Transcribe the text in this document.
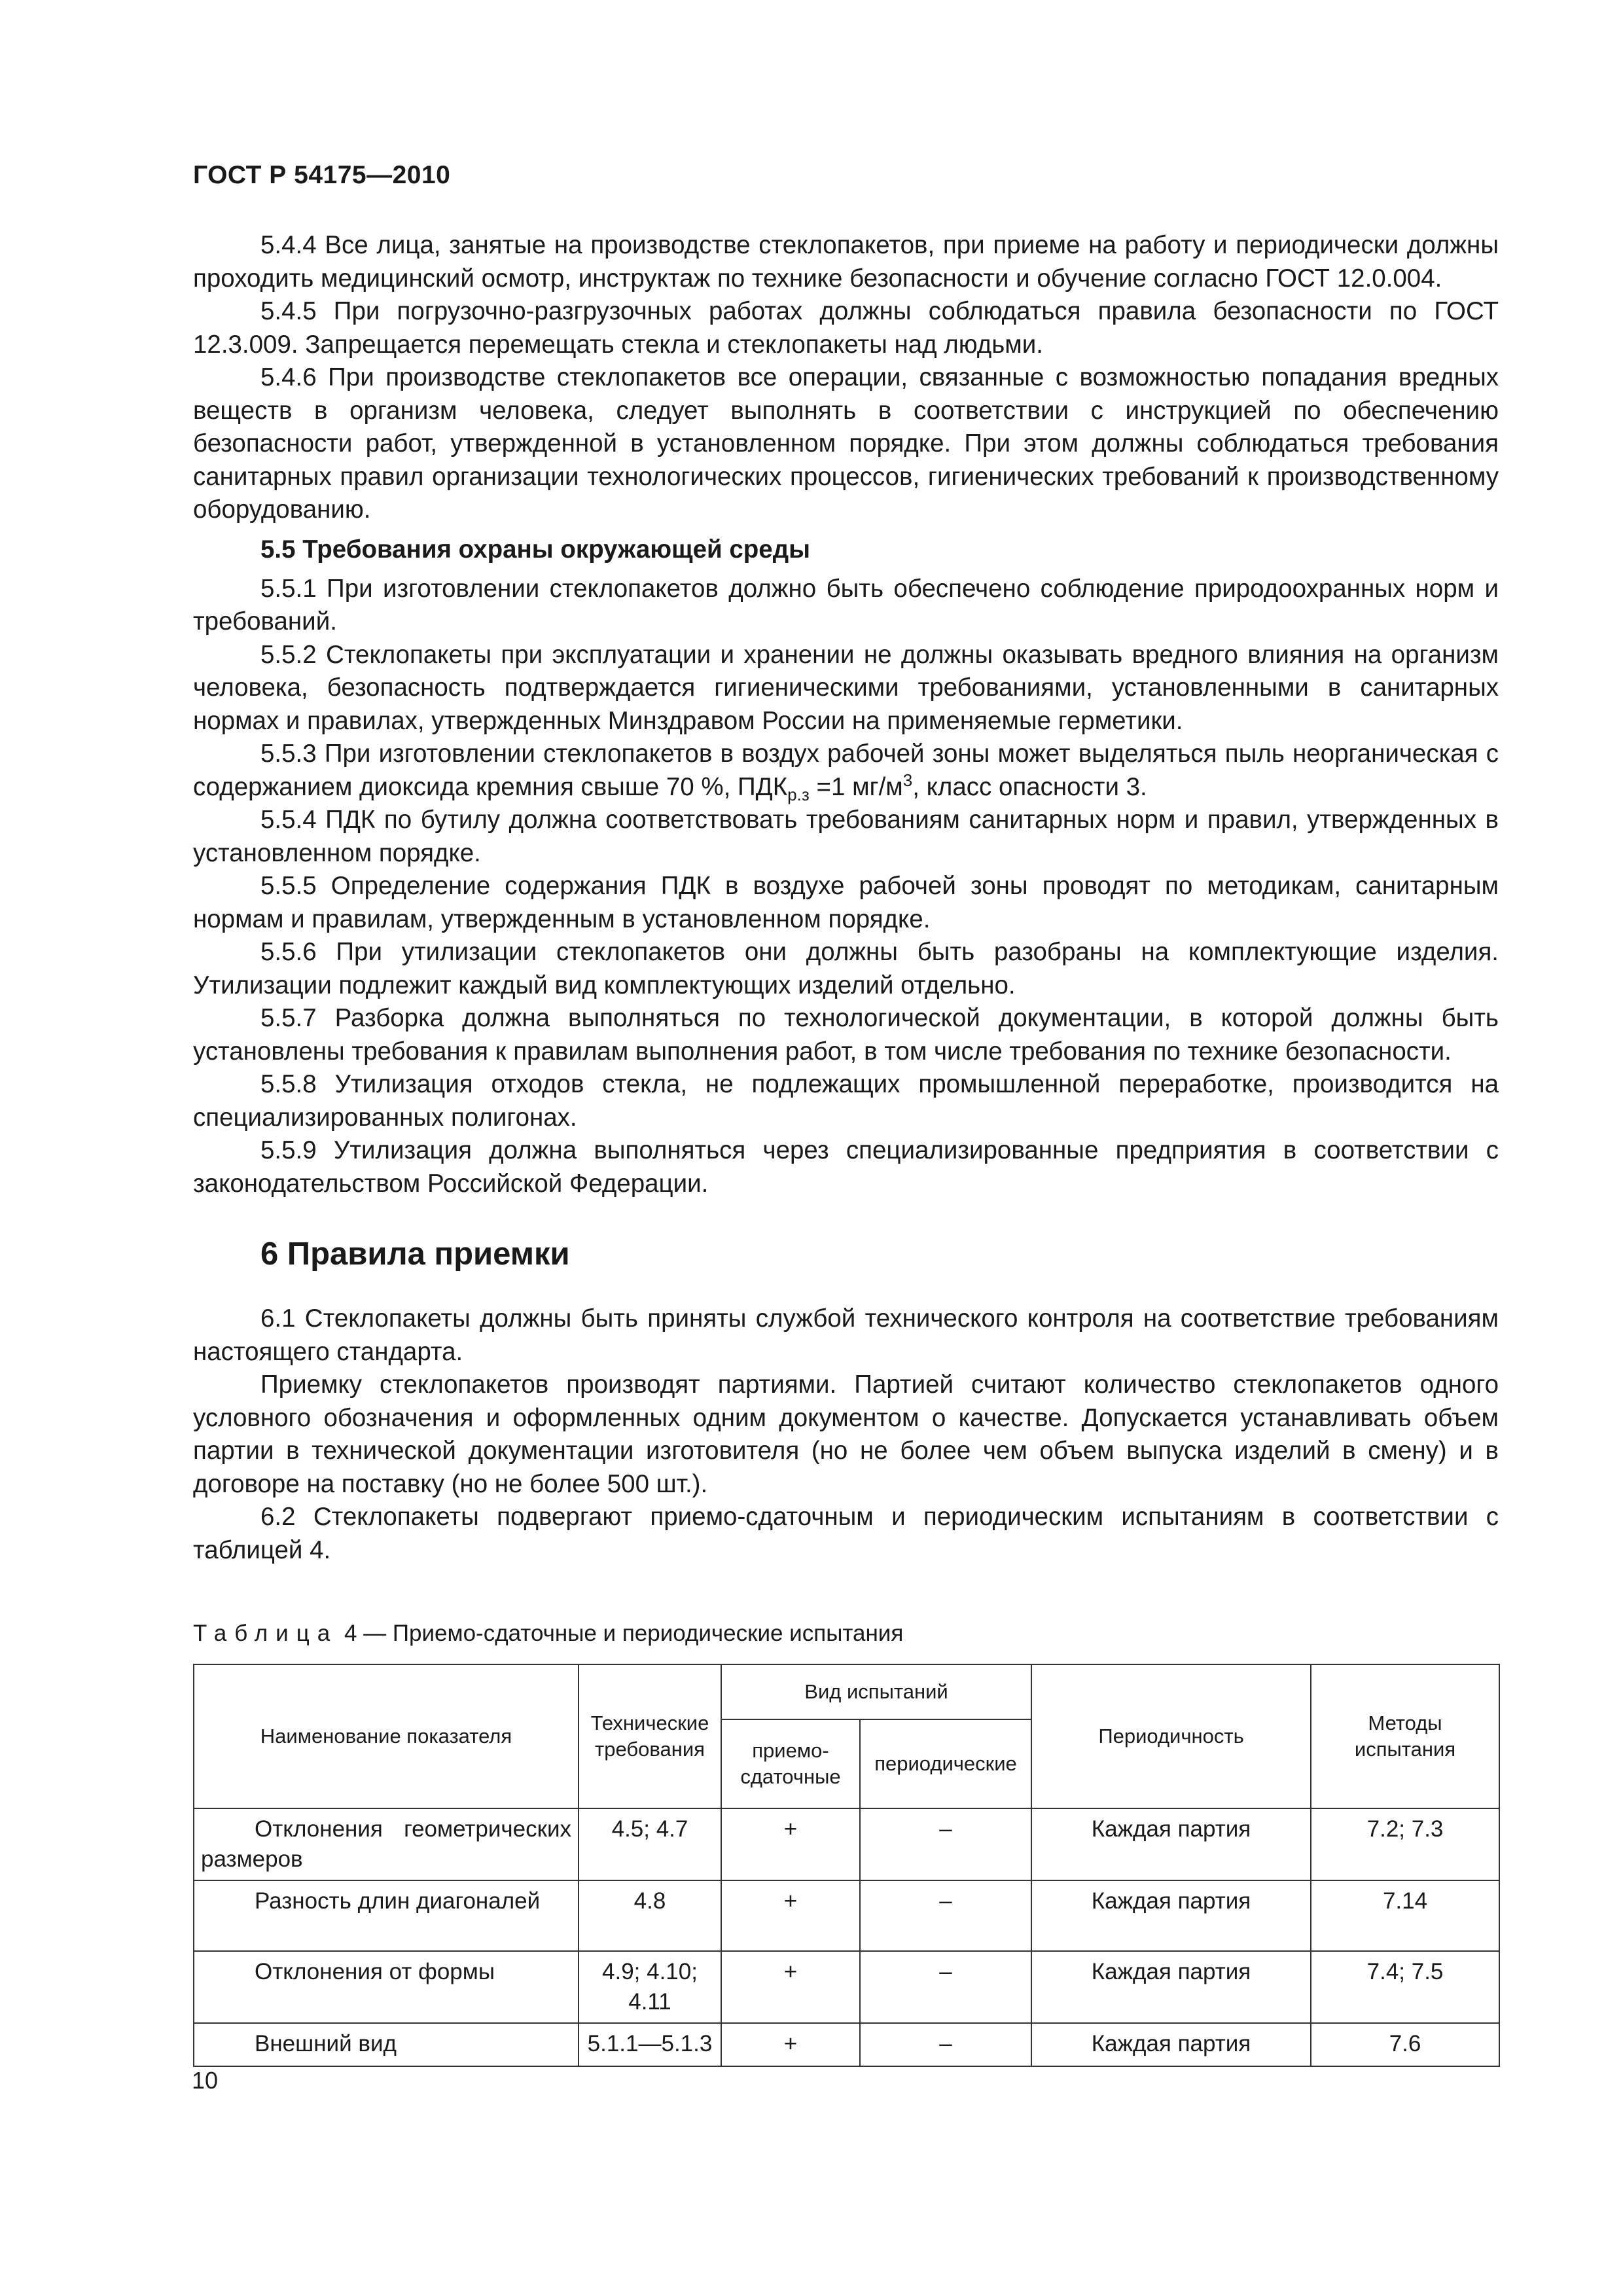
ГОСТ Р 54175—2010

5.4.4 Все лица, занятые на производстве стеклопакетов, при приеме на работу и периодически должны проходить медицинский осмотр, инструктаж по технике безопасности и обучение согласно ГОСТ 12.0.004.

5.4.5 При погрузочно-разгрузочных работах должны соблюдаться правила безопасности по ГОСТ 12.3.009. Запрещается перемещать стекла и стеклопакеты над людьми.

5.4.6 При производстве стеклопакетов все операции, связанные с возможностью попадания вредных веществ в организм человека, следует выполнять в соответствии с инструкцией по обеспечению безопасности работ, утвержденной в установленном порядке. При этом должны соблюдаться требования санитарных правил организации технологических процессов, гигиенических требований к производственному оборудованию.

5.5 Требования охраны окружающей среды

5.5.1 При изготовлении стеклопакетов должно быть обеспечено соблюдение природоохранных норм и требований.

5.5.2 Стеклопакеты при эксплуатации и хранении не должны оказывать вредного влияния на организм человека, безопасность подтверждается гигиеническими требованиями, установленными в санитарных нормах и правилах, утвержденных Минздравом России на применяемые герметики.

5.5.3 При изготовлении стеклопакетов в воздух рабочей зоны может выделяться пыль неорганическая с содержанием диоксида кремния свыше 70 %, $ПДК_{р.з} =1$ $мг/м^3$, класс опасности 3.

5.5.4 ПДК по бутилу должна соответствовать требованиям санитарных норм и правил, утвержденных в установленном порядке.

5.5.5 Определение содержания ПДК в воздухе рабочей зоны проводят по методикам, санитарным нормам и правилам, утвержденным в установленном порядке.

5.5.6 При утилизации стеклопакетов они должны быть разобраны на комплектующие изделия. Утилизации подлежит каждый вид комплектующих изделий отдельно.

5.5.7 Разборка должна выполняться по технологической документации, в которой должны быть установлены требования к правилам выполнения работ, в том числе требования по технике безопасности.

5.5.8 Утилизация отходов стекла, не подлежащих промышленной переработке, производится на специализированных полигонах.

5.5.9 Утилизация должна выполняться через специализированные предприятия в соответствии с законодательством Российской Федерации.

6 Правила приемки

6.1 Стеклопакеты должны быть приняты службой технического контроля на соответствие требованиям настоящего стандарта.

Приемку стеклопакетов производят партиями. Партией считают количество стеклопакетов одного условного обозначения и оформленных одним документом о качестве. Допускается устанавливать объем партии в технической документации изготовителя (но не более чем объем выпуска изделий в смену) и в договоре на поставку (но не более 500 шт.).

6.2 Стеклопакеты подвергают приемо-сдаточным и периодическим испытаниям в соответствии с таблицей 4.

Таблица 4 — Приемо-сдаточные и периодические испытания
Наименование показателя	Технические требования	Вид испытаний		Периодичность	Методы испытания
		приемо-сдаточные	периодические		
Отклонения геометрических размеров	4.5; 4.7	+	–	Каждая партия	7.2; 7.3
Разность длин диагоналей	4.8	+	–	Каждая партия	7.14
Отклонения от формы	4.9; 4.10; 4.11	+	–	Каждая партия	7.4; 7.5
Внешний вид	5.1.1—5.1.3	+	–	Каждая партия	7.6
10
